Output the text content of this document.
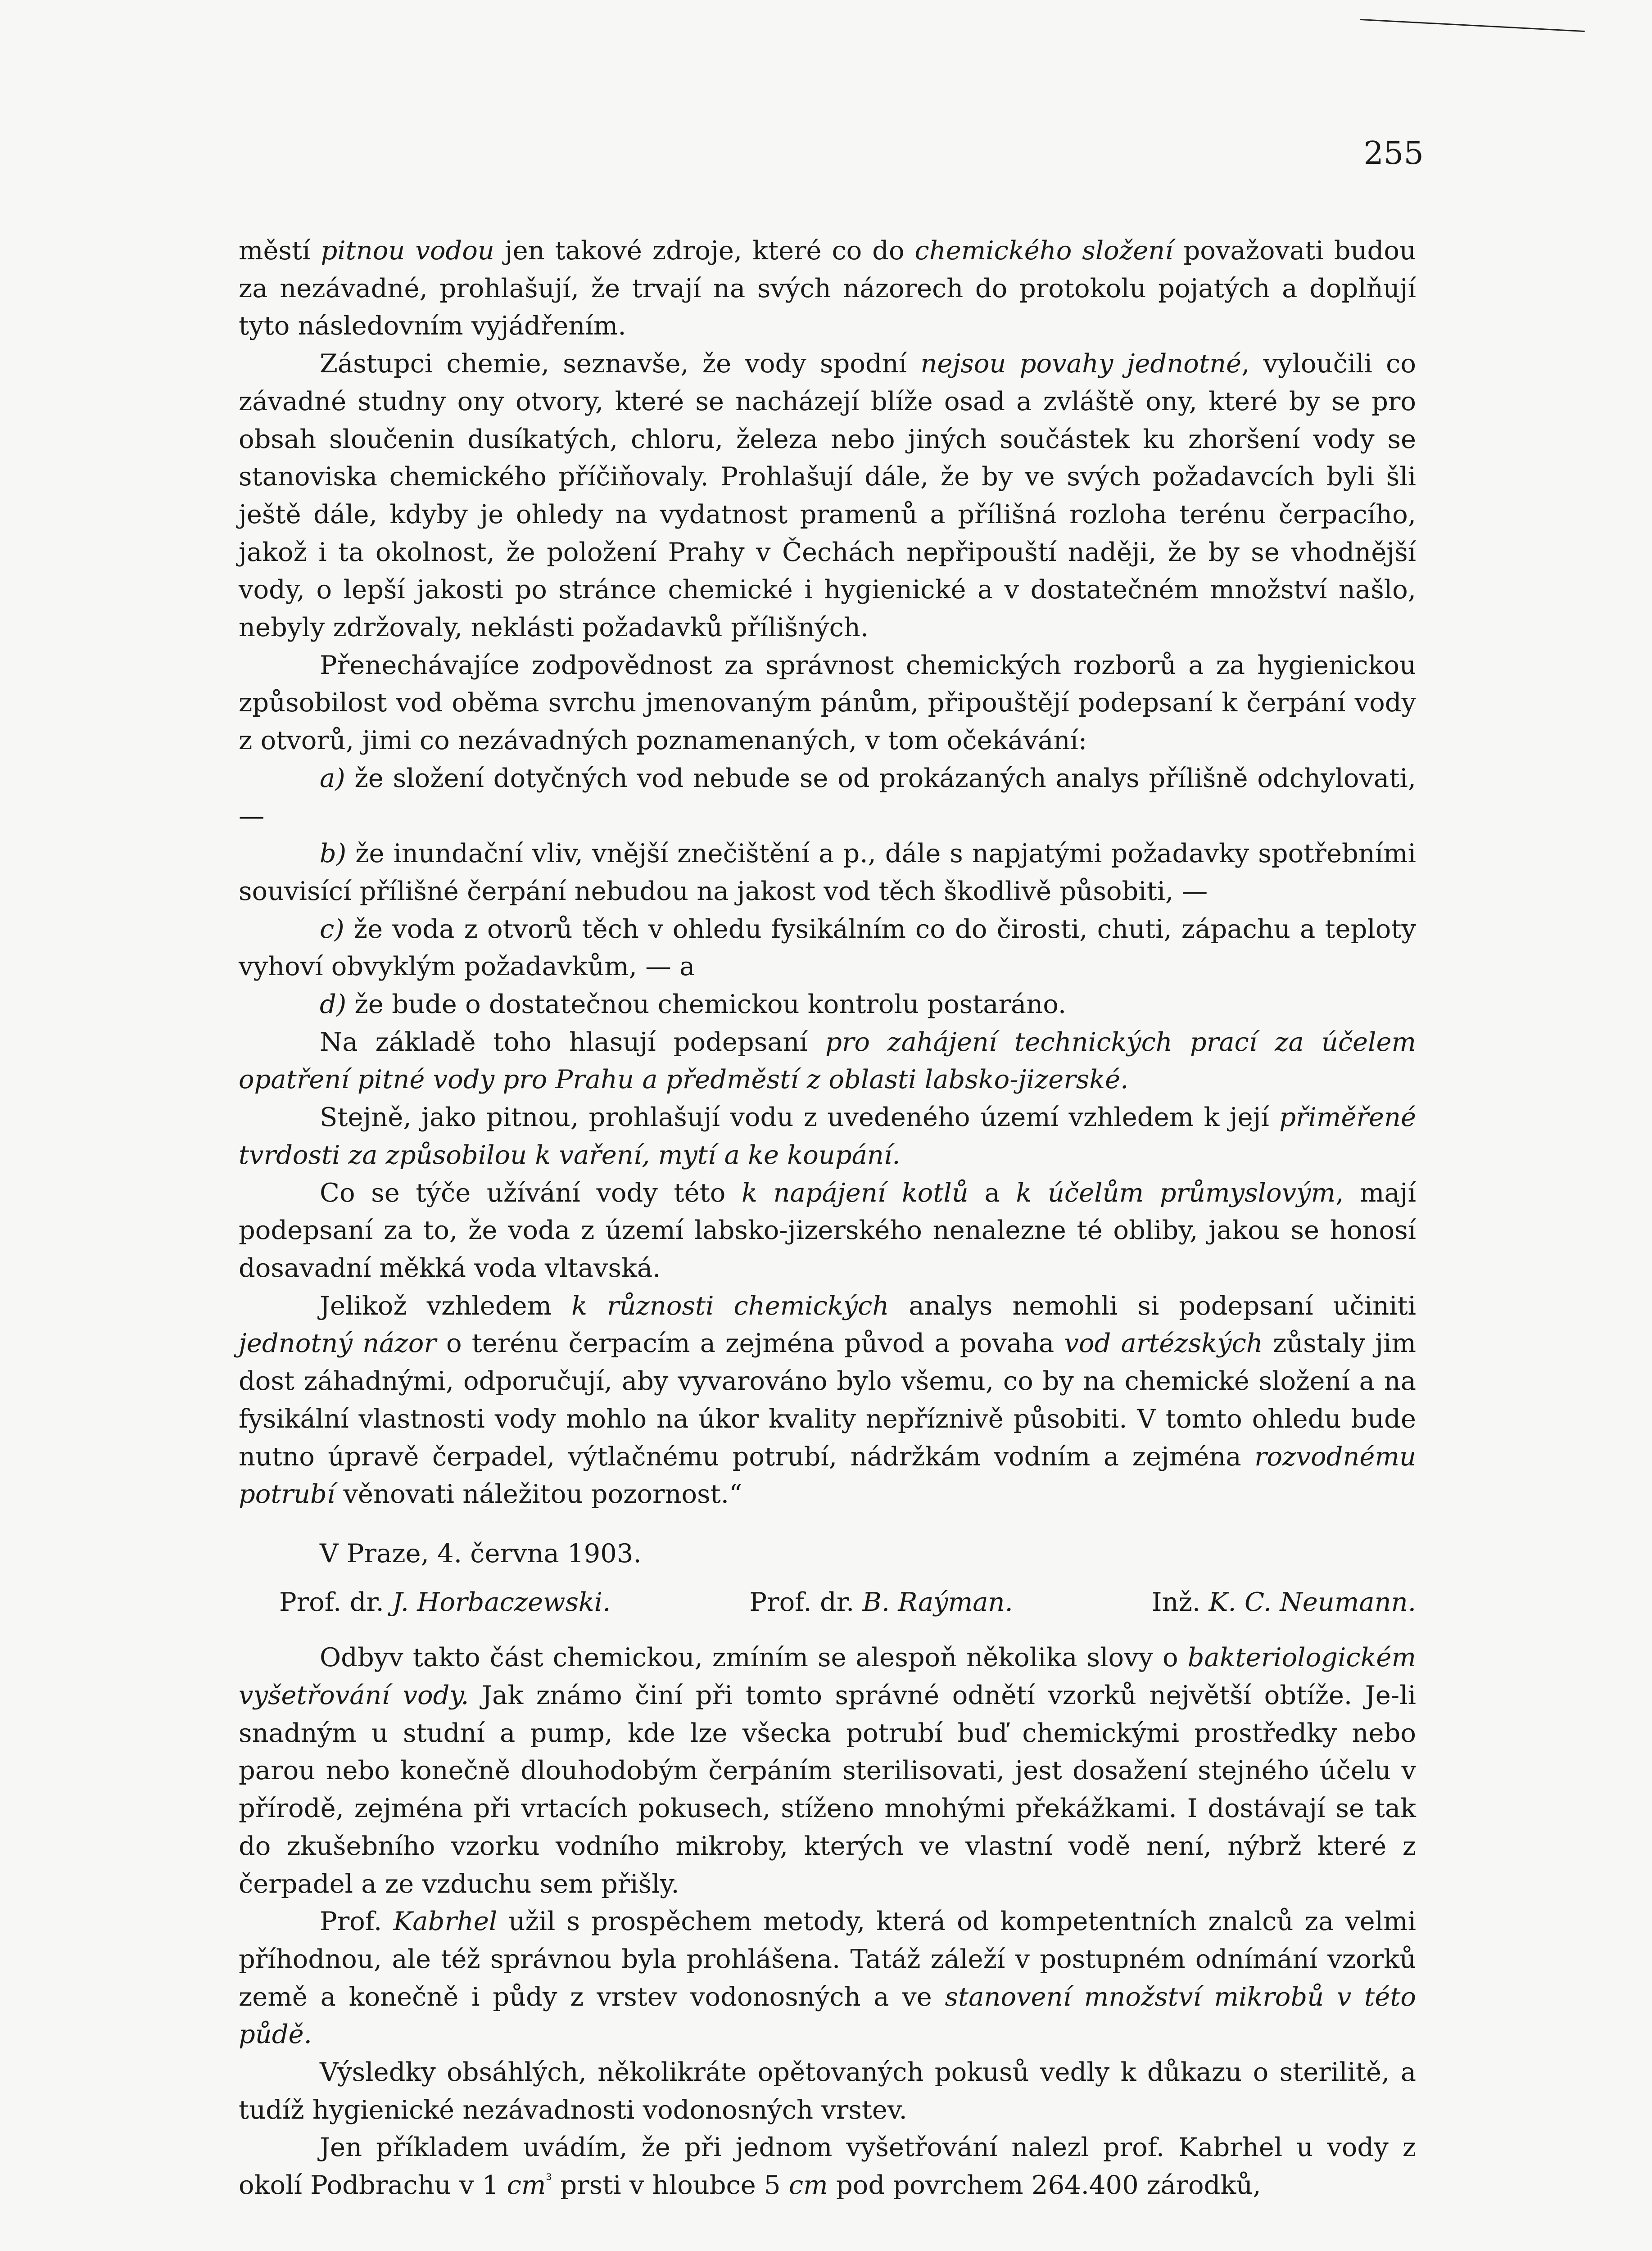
255

městí pitnou vodou jen takové zdroje, které co do chemického složení považovati budou za nezávadné, prohlašují, že trvají na svých názorech do protokolu pojatých a doplňují tyto následovním vyjádřením.

Zástupci chemie, seznavše, že vody spodní nejsou povahy jednotné, vyloučili co závadné studny ony otvory, které se nacházejí blíže osad a zvláště ony, které by se pro obsah sloučenin dusíkatých, chloru, železa nebo jiných součástek ku zhoršení vody se stanoviska chemického příčiňovaly. Prohlašují dále, že by ve svých požadavcích byli šli ještě dále, kdyby je ohledy na vydatnost pramenů a přílišná rozloha terénu čerpacího, jakož i ta okolnost, že položení Prahy v Čechách nepřipouští naději, že by se vhodnější vody, o lepší jakosti po stránce chemické i hygienické a v dostatečném množství našlo, nebyly zdržovaly, neklásti požadavků přílišných.

Přenechávajíce zodpovědnost za správnost chemických rozborů a za hygienickou způsobilost vod oběma svrchu jmenovaným pánům, připouštějí podepsaní k čerpání vody z otvorů, jimi co nezávadných poznamenaných, v tom očekávání:

a) že složení dotyčných vod nebude se od prokázaných analys přílišně odchylovati, —

b) že inundační vliv, vnější znečištění a p., dále s napjatými požadavky spotřebními souvisící přílišné čerpání nebudou na jakost vod těch škodlivě působiti, —

c) že voda z otvorů těch v ohledu fysikálním co do čirosti, chuti, zápachu a teploty vyhoví obvyklým požadavkům, — a

d) že bude o dostatečnou chemickou kontrolu postaráno.

Na základě toho hlasují podepsaní pro zahájení technických prací za účelem opatření pitné vody pro Prahu a předměstí z oblasti labsko-jizerské.

Stejně, jako pitnou, prohlašují vodu z uvedeného území vzhledem k její přiměřené tvrdosti za způsobilou k vaření, mytí a ke koupání.

Co se týče užívání vody této k napájení kotlů a k účelům průmyslovým, mají podepsaní za to, že voda z území labsko-jizerského nenalezne té obliby, jakou se honosí dosavadní měkká voda vltavská.

Jelikož vzhledem k různosti chemických analys nemohli si podepsaní učiniti jednotný názor o terénu čerpacím a zejména původ a povaha vod artézských zůstaly jim dost záhadnými, odporučují, aby vyvarováno bylo všemu, co by na chemické složení a na fysikální vlastnosti vody mohlo na úkor kvality nepříznivě působiti. V tomto ohledu bude nutno úpravě čerpadel, výtlačnému potrubí, nádržkám vodním a zejména rozvodnému potrubí věnovati náležitou pozornost.“

V Praze, 4. června 1903.

Prof. dr. J. Horbaczewski.	Prof. dr. B. Raýman.	Inž. K. C. Neumann.

Odbyv takto část chemickou, zmíním se alespoň několika slovy o bakteriologickém vyšetřování vody. Jak známo činí při tomto správné odnětí vzorků největší obtíže. Je-li snadným u studní a pump, kde lze všecka potrubí buď chemickými prostředky nebo parou nebo konečně dlouhodobým čerpáním sterilisovati, jest dosažení stejného účelu v přírodě, zejména při vrtacích pokusech, stíženo mnohými překážkami. I dostávají se tak do zkušebního vzorku vodního mikroby, kterých ve vlastní vodě není, nýbrž které z čerpadel a ze vzduchu sem přišly.

Prof. Kabrhel užil s prospěchem metody, která od kompetentních znalců za velmi příhodnou, ale též správnou byla prohlášena. Tatáž záleží v postupném odnímání vzorků země a konečně i půdy z vrstev vodonosných a ve stanovení množství mikrobů v této půdě.

Výsledky obsáhlých, několikráte opětovaných pokusů vedly k důkazu o sterilitě, a tudíž hygienické nezávadnosti vodonosných vrstev.

Jen příkladem uvádím, že při jednom vyšetřování nalezl prof. Kabrhel u vody z okolí Podbrachu v 1 $cm^{^3}$ prsti v hloubce 5 cm pod povrchem 264.400 zárodků,
